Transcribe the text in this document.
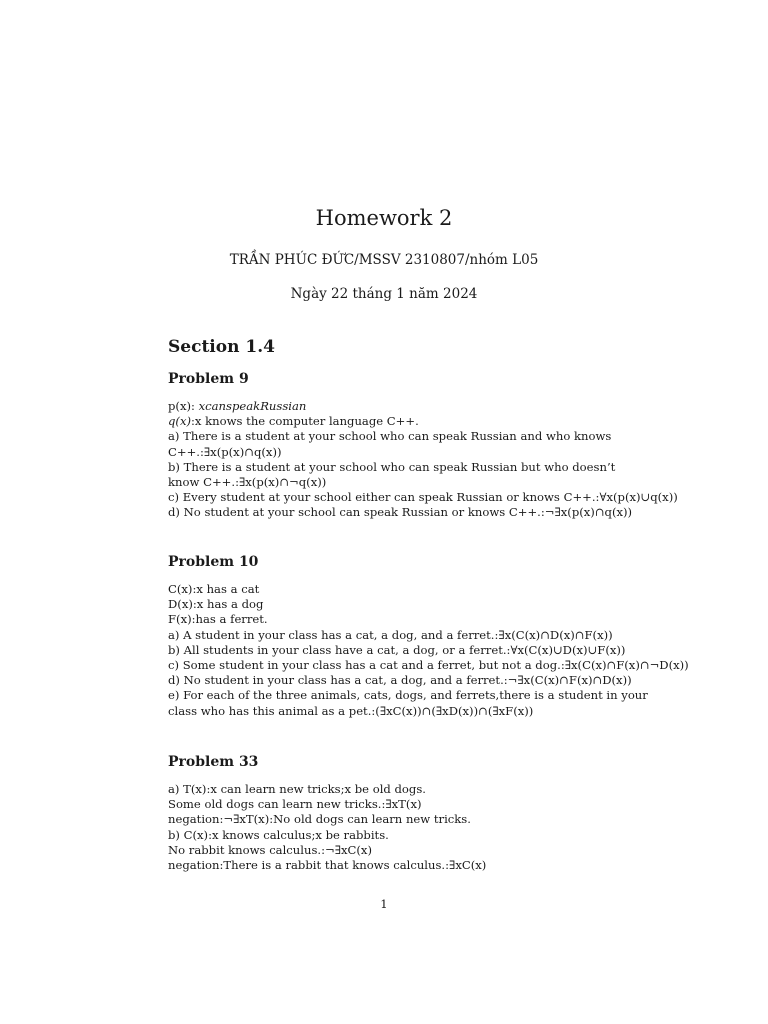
Homework 2
TRẦN PHÚC ĐỨC/MSSV 2310807/nhóm L05
Ngày 22 tháng 1 năm 2024
Section 1.4
Problem 9
p(x): xcanspeakRussian
q(x):x knows the computer language C++.
a) There is a student at your school who can speak Russian and who knows
C++.:∃x(p(x)∩q(x))
b) There is a student at your school who can speak Russian but who doesn’t
know C++.:∃x(p(x)∩¬q(x))
c) Every student at your school either can speak Russian or knows C++.:∀x(p(x)∪q(x))
d) No student at your school can speak Russian or knows C++.:¬∃x(p(x)∩q(x))
Problem 10
C(x):x has a cat
D(x):x has a dog
F(x):has a ferret.
a) A student in your class has a cat, a dog, and a ferret.:∃x(C(x)∩D(x)∩F(x))
b) All students in your class have a cat, a dog, or a ferret.:∀x(C(x)∪D(x)∪F(x))
c) Some student in your class has a cat and a ferret, but not a dog.:∃x(C(x)∩F(x)∩¬D(x))
d) No student in your class has a cat, a dog, and a ferret.:¬∃x(C(x)∩F(x)∩D(x))
e) For each of the three animals, cats, dogs, and ferrets,there is a student in your
class who has this animal as a pet.:(∃xC(x))∩(∃xD(x))∩(∃xF(x))
Problem 33
a) T(x):x can learn new tricks;x be old dogs.
Some old dogs can learn new tricks.:∃xT(x)
negation:¬∃xT(x):No old dogs can learn new tricks.
b) C(x):x knows calculus;x be rabbits.
No rabbit knows calculus.:¬∃xC(x)
negation:There is a rabbit that knows calculus.:∃xC(x)
1
